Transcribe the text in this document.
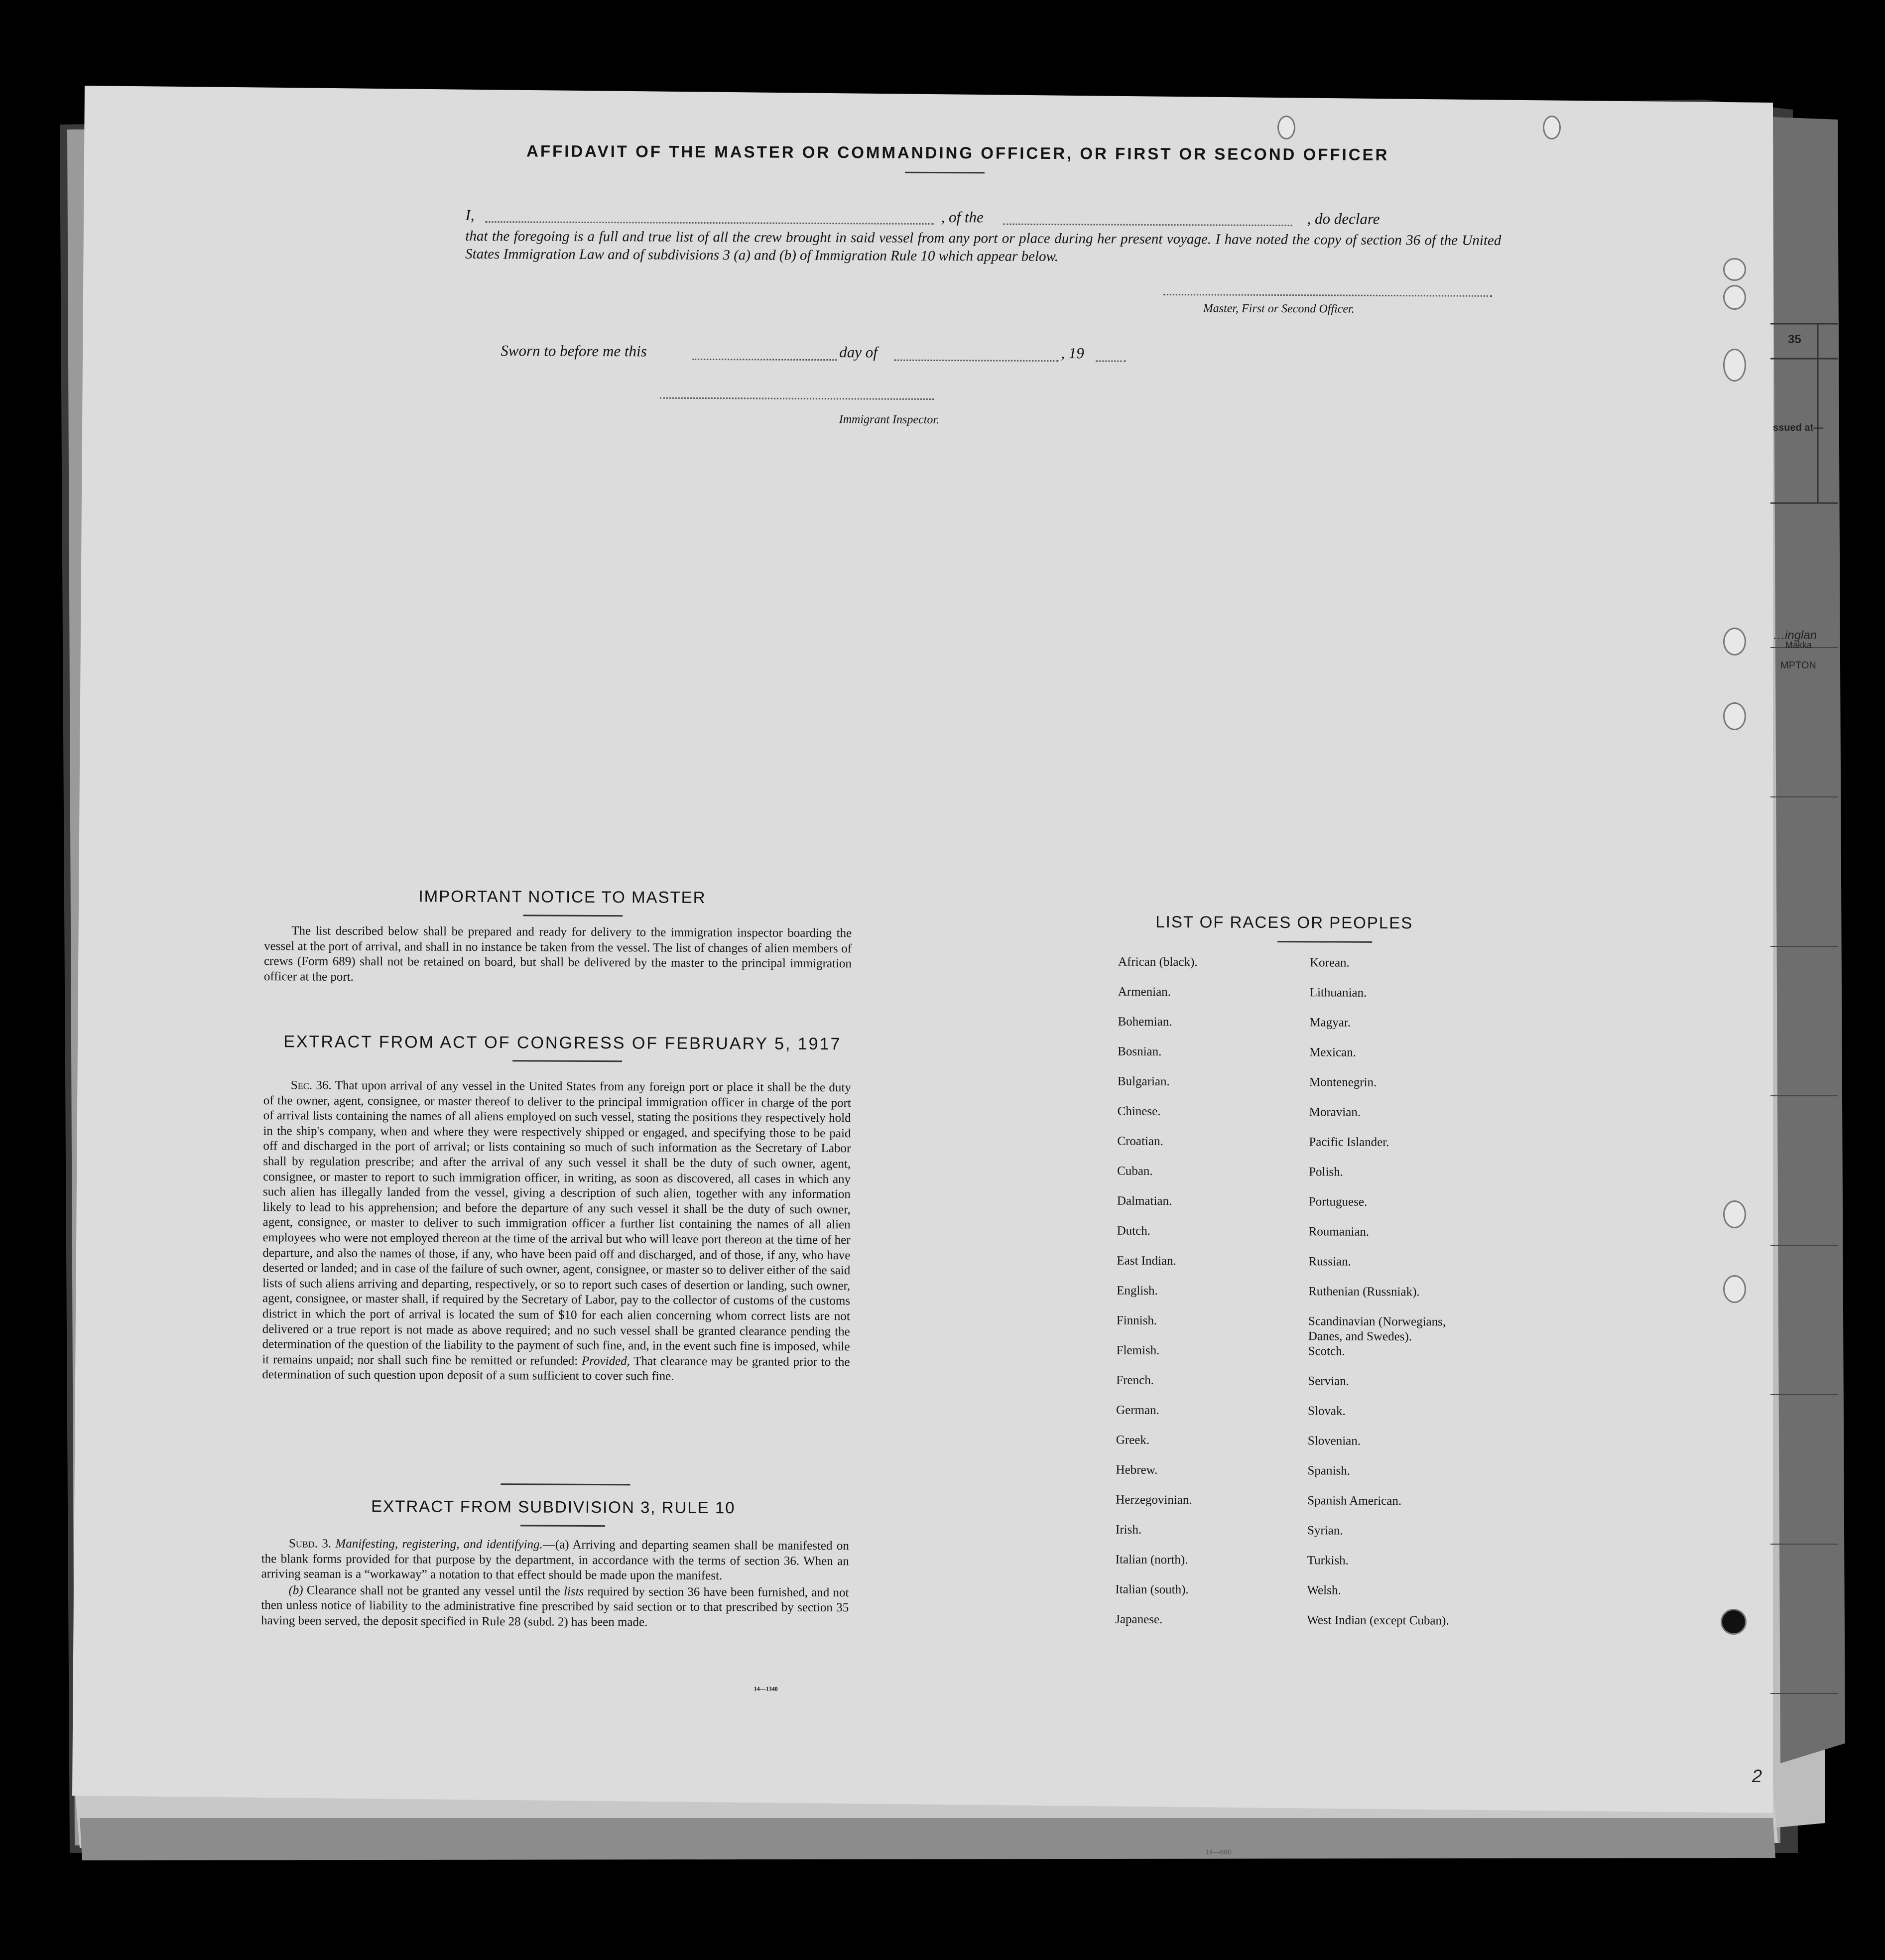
35
ssued at—
…inglan
Makka
MPTON
14—680
2
AFFIDAVIT OF THE MASTER OR COMMANDING OFFICER, OR FIRST OR SECOND OFFICER
I,	, of the	, do declare
that the foregoing is a full and true list of all the crew brought in said vessel from any port or place during her present voyage. I have noted the copy of section 36 of the United States Immigration Law and of subdivisions 3 (a) and (b) of Immigration Rule 10 which appear below.
Master, First or Second Officer.
Sworn to before me this	day of	, 19
Immigrant Inspector.
IMPORTANT NOTICE TO MASTER

The list described below shall be prepared and ready for delivery to the immigration inspector boarding the vessel at the port of arrival, and shall in no instance be taken from the vessel. The list of changes of alien members of crews (Form 689) shall not be retained on board, but shall be delivered by the master to the principal immigration officer at the port.

EXTRACT FROM ACT OF CONGRESS OF FEBRUARY 5, 1917

Sec. 36. That upon arrival of any vessel in the United States from any foreign port or place it shall be the duty of the owner, agent, consignee, or master thereof to deliver to the principal immigration officer in charge of the port of arrival lists containing the names of all aliens employed on such vessel, stating the positions they respectively hold in the ship's company, when and where they were respectively shipped or engaged, and specifying those to be paid off and discharged in the port of arrival; or lists containing so much of such information as the Secretary of Labor shall by regulation prescribe; and after the arrival of any such vessel it shall be the duty of such owner, agent, consignee, or master to report to such immigration officer, in writing, as soon as discovered, all cases in which any such alien has illegally landed from the vessel, giving a description of such alien, together with any information likely to lead to his apprehension; and before the departure of any such vessel it shall be the duty of such owner, agent, consignee, or master to deliver to such immigration officer a further list containing the names of all alien employees who were not employed thereon at the time of the arrival but who will leave port thereon at the time of her departure, and also the names of those, if any, who have been paid off and discharged, and of those, if any, who have deserted or landed; and in case of the failure of such owner, agent, consignee, or master so to deliver either of the said lists of such aliens arriving and departing, respectively, or so to report such cases of desertion or landing, such owner, agent, consignee, or master shall, if required by the Secretary of Labor, pay to the collector of customs of the customs district in which the port of arrival is located the sum of $10 for each alien concerning whom correct lists are not delivered or a true report is not made as above required; and no such vessel shall be granted clearance pending the determination of the question of the liability to the payment of such fine, and, in the event such fine is imposed, while it remains unpaid; nor shall such fine be remitted or refunded: Provided, That clearance may be granted prior to the determination of such question upon deposit of a sum sufficient to cover such fine.

EXTRACT FROM SUBDIVISION 3, RULE 10

Subd. 3. Manifesting, registering, and identifying.—(a) Arriving and departing seamen shall be manifested on the blank forms provided for that purpose by the department, in accordance with the terms of section 36. When an arriving seaman is a “workaway” a notation to that effect should be made upon the manifest.

(b) Clearance shall not be granted any vessel until the lists required by section 36 have been furnished, and not then unless notice of liability to the administrative fine prescribed by said section or to that prescribed by section 35 having been served, the deposit specified in Rule 28 (subd. 2) has been made.

14—1340
LIST OF RACES OR PEOPLES
African (black).
Armenian.
Bohemian.
Bosnian.
Bulgarian.
Chinese.
Croatian.
Cuban.
Dalmatian.
Dutch.
East Indian.
English.
Finnish.
Flemish.
French.
German.
Greek.
Hebrew.
Herzegovinian.
Irish.
Italian (north).
Italian (south).
Japanese.
Korean.
Lithuanian.
Magyar.
Mexican.
Montenegrin.
Moravian.
Pacific Islander.
Polish.
Portuguese.
Roumanian.
Russian.
Ruthenian (Russniak).
Scandinavian (Norwegians,
Danes, and Swedes).
Scotch.
Servian.
Slovak.
Slovenian.
Spanish.
Spanish American.
Syrian.
Turkish.
Welsh.
West Indian (except Cuban).
